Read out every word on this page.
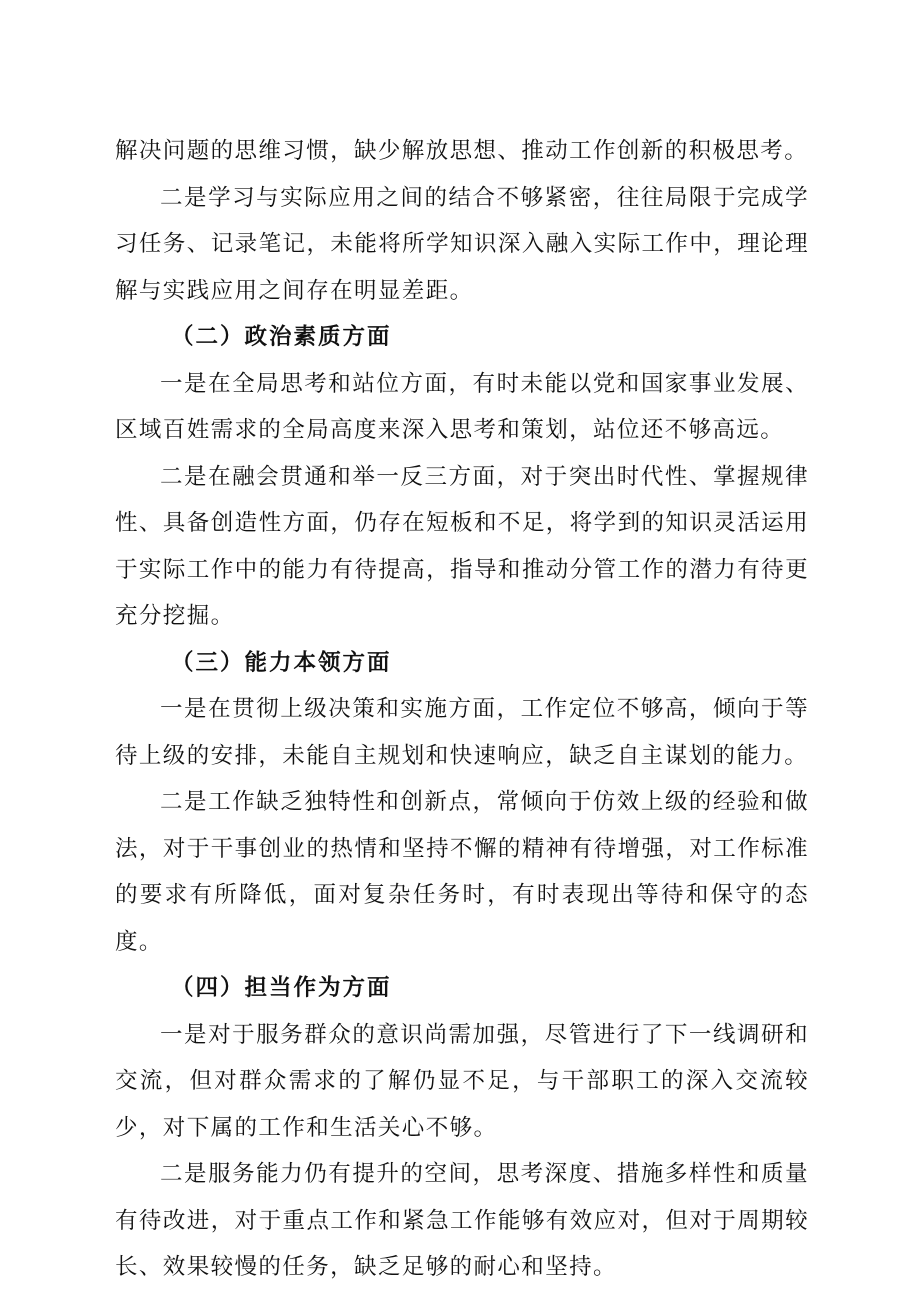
解决问题的思维习惯，缺少解放思想、推动工作创新的积极思考。

二是学习与实际应用之间的结合不够紧密，往往局限于完成学习任务、记录笔记，未能将所学知识深入融入实际工作中，理论理解与实践应用之间存在明显差距。

（二）政治素质方面

一是在全局思考和站位方面，有时未能以党和国家事业发展、区域百姓需求的全局高度来深入思考和策划，站位还不够高远。

二是在融会贯通和举一反三方面，对于突出时代性、掌握规律性、具备创造性方面，仍存在短板和不足，将学到的知识灵活运用于实际工作中的能力有待提高，指导和推动分管工作的潜力有待更充分挖掘。

（三）能力本领方面

一是在贯彻上级决策和实施方面，工作定位不够高，倾向于等待上级的安排，未能自主规划和快速响应，缺乏自主谋划的能力。

二是工作缺乏独特性和创新点，常倾向于仿效上级的经验和做法，对于干事创业的热情和坚持不懈的精神有待增强，对工作标准的要求有所降低，面对复杂任务时，有时表现出等待和保守的态度。

（四）担当作为方面

一是对于服务群众的意识尚需加强，尽管进行了下一线调研和交流，但对群众需求的了解仍显不足，与干部职工的深入交流较少，对下属的工作和生活关心不够。

二是服务能力仍有提升的空间，思考深度、措施多样性和质量有待改进，对于重点工作和紧急工作能够有效应对，但对于周期较长、效果较慢的任务，缺乏足够的耐心和坚持。
